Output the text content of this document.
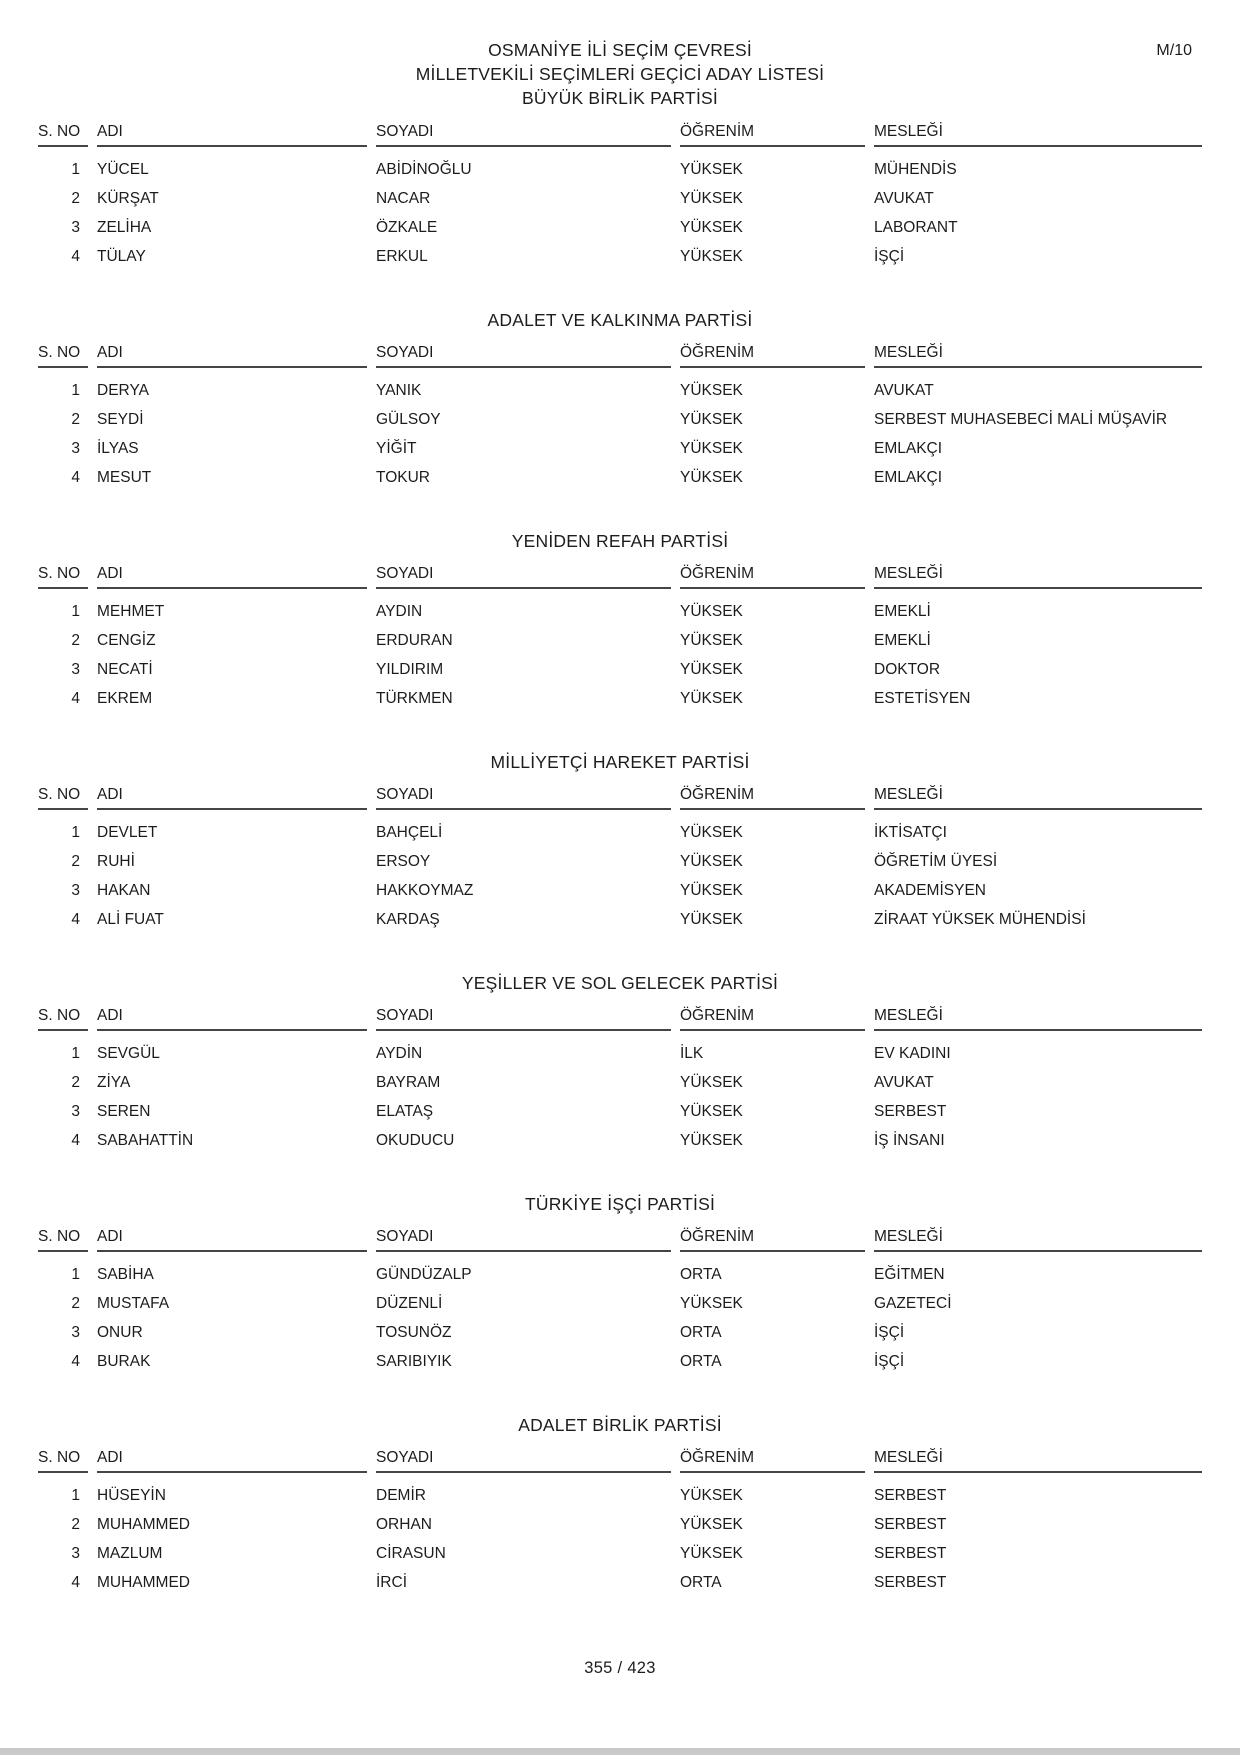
M/10
OSMANİYE İLİ SEÇİM ÇEVRESİ
MİLLETVEKİLİ SEÇİMLERİ GEÇİCİ ADAY LİSTESİ
BÜYÜK BİRLİK PARTİSİ
S. NO	ADI	SOYADI	ÖĞRENİM	MESLEĞİ
1	YÜCEL	ABİDİNOĞLU	YÜKSEK	MÜHENDİS
2	KÜRŞAT	NACAR	YÜKSEK	AVUKAT
3	ZELİHA	ÖZKALE	YÜKSEK	LABORANT
4	TÜLAY	ERKUL	YÜKSEK	İŞÇİ
ADALET VE KALKINMA PARTİSİ
S. NO	ADI	SOYADI	ÖĞRENİM	MESLEĞİ
1	DERYA	YANIK	YÜKSEK	AVUKAT
2	SEYDİ	GÜLSOY	YÜKSEK	SERBEST MUHASEBECİ MALİ MÜŞAVİR
3	İLYAS	YİĞİT	YÜKSEK	EMLAKÇI
4	MESUT	TOKUR	YÜKSEK	EMLAKÇI
YENİDEN REFAH PARTİSİ
S. NO	ADI	SOYADI	ÖĞRENİM	MESLEĞİ
1	MEHMET	AYDIN	YÜKSEK	EMEKLİ
2	CENGİZ	ERDURAN	YÜKSEK	EMEKLİ
3	NECATİ	YILDIRIM	YÜKSEK	DOKTOR
4	EKREM	TÜRKMEN	YÜKSEK	ESTETİSYEN
MİLLİYETÇİ HAREKET PARTİSİ
S. NO	ADI	SOYADI	ÖĞRENİM	MESLEĞİ
1	DEVLET	BAHÇELİ	YÜKSEK	İKTİSATÇI
2	RUHİ	ERSOY	YÜKSEK	ÖĞRETİM ÜYESİ
3	HAKAN	HAKKOYMAZ	YÜKSEK	AKADEMİSYEN
4	ALİ FUAT	KARDAŞ	YÜKSEK	ZİRAAT YÜKSEK MÜHENDİSİ
YEŞİLLER VE SOL GELECEK PARTİSİ
S. NO	ADI	SOYADI	ÖĞRENİM	MESLEĞİ
1	SEVGÜL	AYDİN	İLK	EV KADINI
2	ZİYA	BAYRAM	YÜKSEK	AVUKAT
3	SEREN	ELATAŞ	YÜKSEK	SERBEST
4	SABAHATTİN	OKUDUCU	YÜKSEK	İŞ İNSANI
TÜRKİYE İŞÇİ PARTİSİ
S. NO	ADI	SOYADI	ÖĞRENİM	MESLEĞİ
1	SABİHA	GÜNDÜZALP	ORTA	EĞİTMEN
2	MUSTAFA	DÜZENLİ	YÜKSEK	GAZETECİ
3	ONUR	TOSUNÖZ	ORTA	İŞÇİ
4	BURAK	SARIBIYIK	ORTA	İŞÇİ
ADALET BİRLİK PARTİSİ
S. NO	ADI	SOYADI	ÖĞRENİM	MESLEĞİ
1	HÜSEYİN	DEMİR	YÜKSEK	SERBEST
2	MUHAMMED	ORHAN	YÜKSEK	SERBEST
3	MAZLUM	CİRASUN	YÜKSEK	SERBEST
4	MUHAMMED	İRCİ	ORTA	SERBEST
355 / 423
